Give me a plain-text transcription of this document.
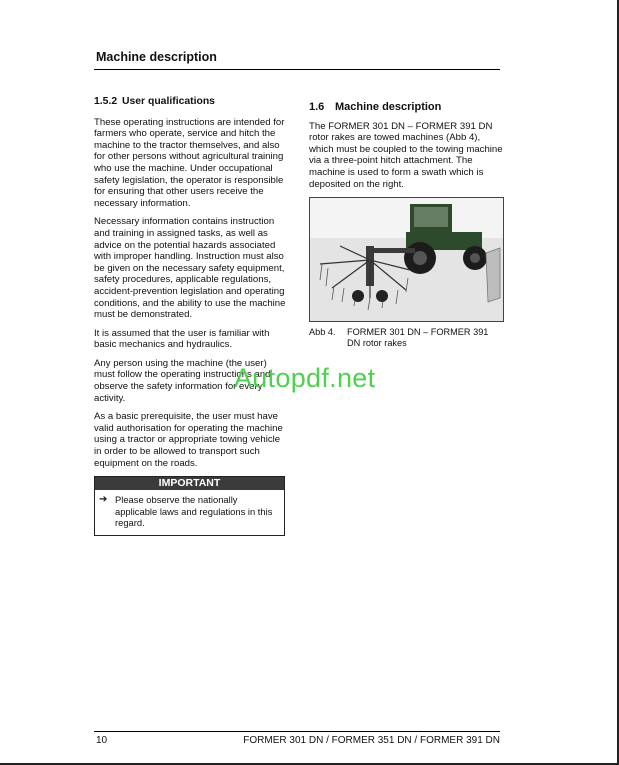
Machine description
1.5.2 User qualifications

These operating instructions are intended for farmers who operate, service and hitch the machine to the tractor themselves, and also for other persons without agricultural training who use the machine. Under occupational safety legislation, the operator is responsible for ensuring that other users receive the necessary information.

Necessary information contains instruction and training in assigned tasks, as well as advice on the potential hazards associated with improper handling. Instruction must also be given on the necessary safety equipment, safety procedures, applicable regulations, accident-prevention legislation and operating conditions, and the ability to use the machine must be demonstrated.

It is assumed that the user is familiar with basic mechanics and hydraulics.

Any person using the machine (the user) must follow the operating instructions and observe the safety information for every activity.

As a basic prerequisite, the user must have valid authorisation for operating the machine using a tractor or appropriate towing vehicle in order to be allowed to transport such equipment on the roads.

IMPORTANT
➔ Please observe the nationally applicable laws and regulations in this regard.
1.6 Machine description

The FORMER 301 DN – FORMER 391 DN rotor rakes are towed machines (Abb 4), which must be coupled to the towing machine via a three-point hitch attachment. The machine is used to form a swath which is deposited on the right.

Abb 4.	FORMER 301 DN – FORMER 391 DN rotor rakes
Autopdf.net
10	FORMER 301 DN / FORMER 351 DN / FORMER 391 DN
